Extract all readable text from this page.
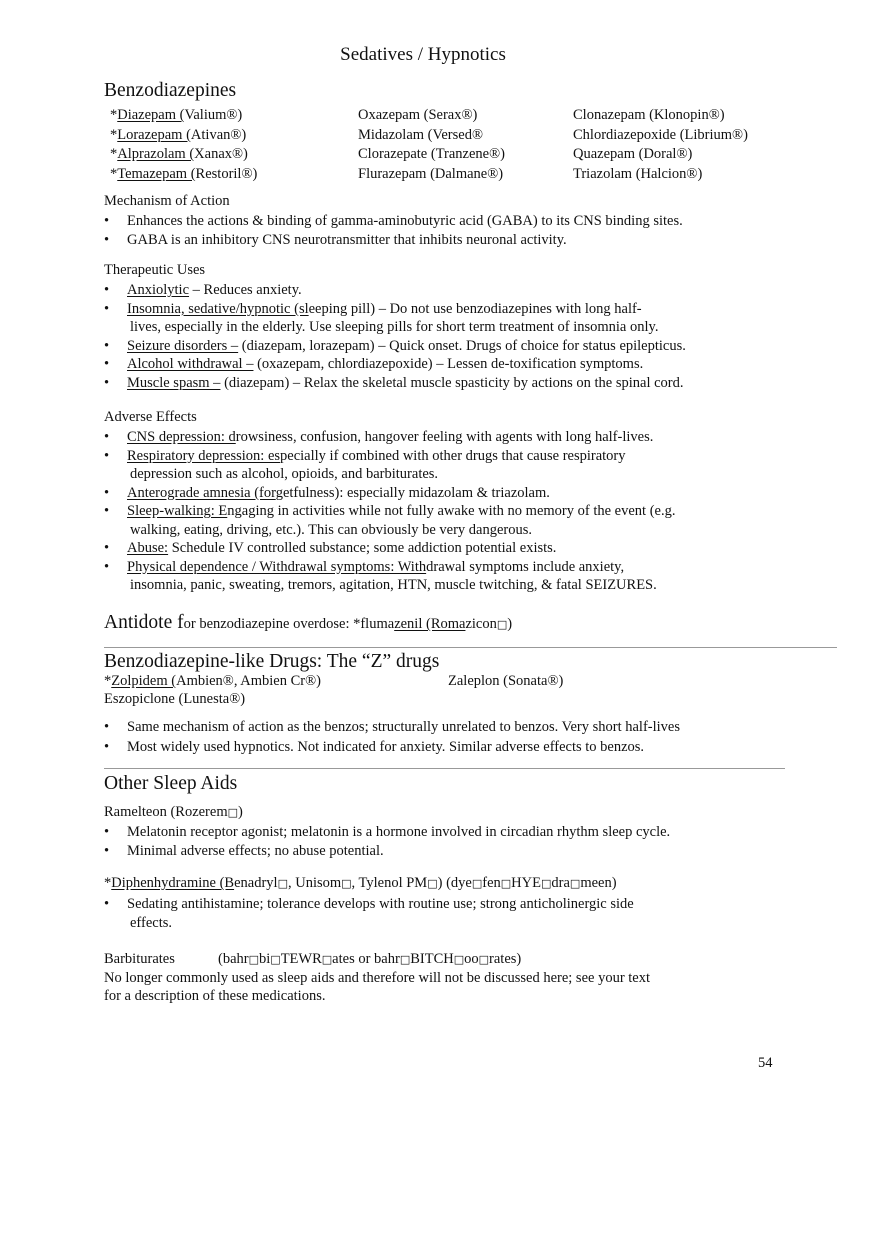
Sedatives / Hypnotics
Benzodiazepines
*Diazepam (Valium®)
*Lorazepam (Ativan®)
*Alprazolam (Xanax®)
*Temazepam (Restoril®)
Oxazepam (Serax®)
Midazolam (Versed®
Clorazepate (Tranzene®)
Flurazepam (Dalmane®)
Clonazepam (Klonopin®)
Chlordiazepoxide (Librium®)
Quazepam (Doral®)
Triazolam (Halcion®)
Mechanism of Action
• Enhances the actions & binding of gamma-aminobutyric acid (GABA) to its CNS binding sites.
• GABA is an inhibitory CNS neurotransmitter that inhibits neuronal activity.
Therapeutic Uses
• Anxiolytic – Reduces anxiety.
• Insomnia, sedative/hypnotic (sleeping pill) – Do not use benzodiazepines with long half-
lives, especially in the elderly. Use sleeping pills for short term treatment of insomnia only.
• Seizure disorders – (diazepam, lorazepam) – Quick onset. Drugs of choice for status epilepticus.
• Alcohol withdrawal – (oxazepam, chlordiazepoxide) – Lessen de-toxification symptoms.
• Muscle spasm – (diazepam) – Relax the skeletal muscle spasticity by actions on the spinal cord.
Adverse Effects
• CNS depression: drowsiness, confusion, hangover feeling with agents with long half-lives.
• Respiratory depression: especially if combined with other drugs that cause respiratory
depression such as alcohol, opioids, and barbiturates.
• Anterograde amnesia (forgetfulness): especially midazolam & triazolam.
• Sleep-walking: Engaging in activities while not fully awake with no memory of the event (e.g.
walking, eating, driving, etc.). This can obviously be very dangerous.
• Abuse: Schedule IV controlled substance; some addiction potential exists.
• Physical dependence / Withdrawal symptoms: Withdrawal symptoms include anxiety,
insomnia, panic, sweating, tremors, agitation, HTN, muscle twitching, & fatal SEIZURES.
Antidote for benzodiazepine overdose: *flumazenil (Romazicon□)
Benzodiazepine-like Drugs: The “Z” drugs
*Zolpidem (Ambien®, Ambien Cr®)	Zaleplon (Sonata®)
Eszopiclone (Lunesta®)
• Same mechanism of action as the benzos; structurally unrelated to benzos. Very short half-lives
• Most widely used hypnotics. Not indicated for anxiety. Similar adverse effects to benzos.
Other Sleep Aids
Ramelteon (Rozerem□)
• Melatonin receptor agonist; melatonin is a hormone involved in circadian rhythm sleep cycle.
• Minimal adverse effects; no abuse potential.
*Diphenhydramine (Benadryl□, Unisom□, Tylenol PM□) (dye□fen□HYE□dra□meen)
• Sedating antihistamine; tolerance develops with routine use; strong anticholinergic side
effects.
Barbiturates	(bahr□bi□TEWR□ates or bahr□BITCH□oo□rates)
No longer commonly used as sleep aids and therefore will not be discussed here; see your text
for a description of these medications.
54
